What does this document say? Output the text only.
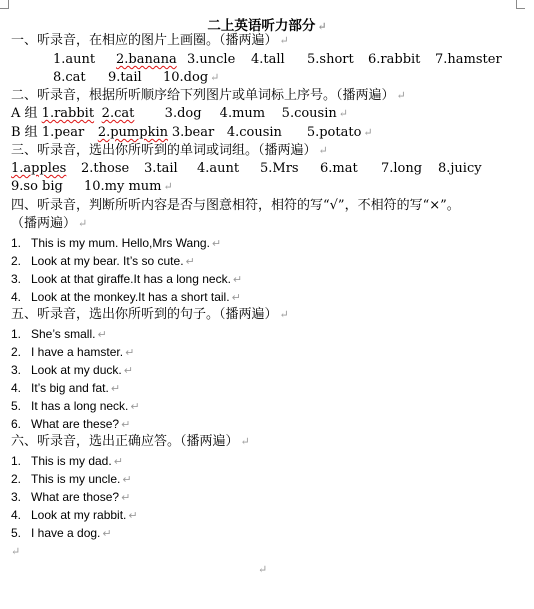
二上英语听力部分 ↵
一、听录音，在相应的图片上画圈。（播两遍） ↵
1.aunt 2.banana 3.uncle 4.tall 5.short 6.rabbit 7.hamster
8.cat 9.tail 10.dog ↵
二、听录音，根据所听顺序给下列图片或单词标上序号。（播两遍） ↵
A 组 1.rabbit 2.cat 3.dog 4.mum 5.cousin ↵
B 组 1.pear 2.pumpkin 3.bear 4.cousin 5.potato ↵
三、听录音，选出你所听到的单词或词组。（播两遍） ↵
1.apples 2.those 3.tail 4.aunt 5.Mrs 6.mat 7.long 8.juicy
9.so big 10.my mum ↵
四、听录音，判断所听内容是否与图意相符，相符的写“√”，不相符的写“×”。
（播两遍） ↵
1. This is my mum. Hello,Mrs Wang. ↵
2. Look at my bear. It’s so cute. ↵
3. Look at that giraffe.It has a long neck. ↵
4. Look at the monkey.It has a short tail. ↵
五、听录音，选出你所听到的句子。（播两遍） ↵
1. She’s small. ↵
2. I have a hamster. ↵
3. Look at my duck. ↵
4. It’s big and fat. ↵
5. It has a long neck. ↵
6. What are these? ↵
六、听录音，选出正确应答。（播两遍） ↵
1. This is my dad. ↵
2. This is my uncle. ↵
3. What are those? ↵
4. Look at my rabbit. ↵
5. I have a dog. ↵
↵
↵
